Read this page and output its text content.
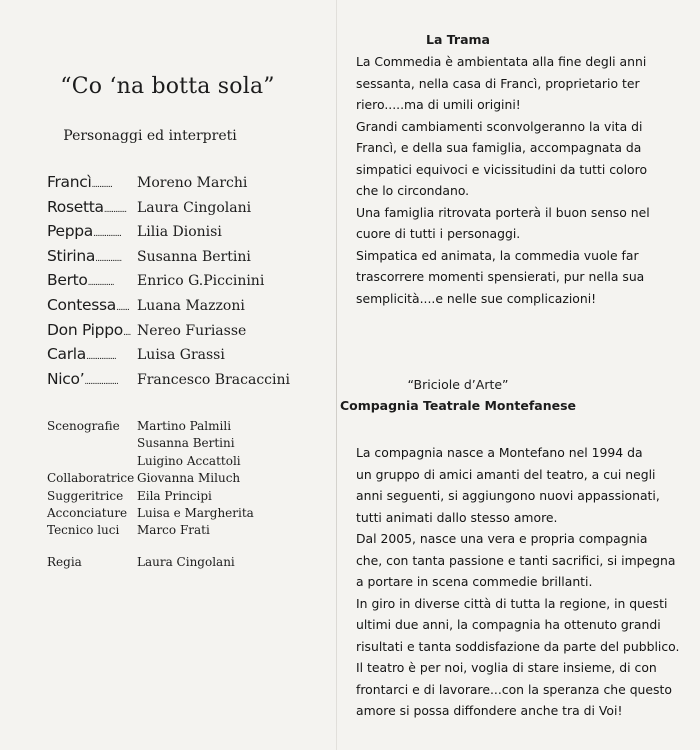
“Co ‘na botta sola”
Personaggi ed interpreti
Francì...........	Moreno Marchi
Rosetta............ Laura Cingolani
Peppa...............	Lilia Dionisi
Stirina..............	Susanna Bertini
Berto..............	Enrico G.Piccinini
Contessa....... Luana Mazzoni
Don Pippo.... Nereo Furiasse
Carla................	Luisa Grassi
Nico’..................	Francesco Bracaccini
Scenografie	Martino Palmili
Susanna Bertini
Luigino Accattoli
Collaboratrice Giovanna Miluch
Suggeritrice	Eila Principi
Acconciature Luisa e Margherita
Tecnico luci	Marco Frati
Regia	Laura Cingolani
La Trama

La Commedia è ambientata alla fine degli anni

sessanta, nella casa di Francì, proprietario ter

riero.....ma di umili origini!

Grandi cambiamenti sconvolgeranno la vita di

Francì, e della sua famiglia, accompagnata da

simpatici equivoci e vicissitudini da tutti coloro

che lo circondano.

Una famiglia ritrovata porterà il buon senso nel

cuore di tutti i personaggi.

Simpatica ed animata, la commedia vuole far

trascorrere momenti spensierati, pur nella sua

semplicità....e nelle sue complicazioni!

“Briciole d’Arte”
Compagnia Teatrale Montefanese

La compagnia nasce a Montefano nel 1994 da

un gruppo di amici amanti del teatro, a cui negli

anni seguenti, si aggiungono nuovi appassionati,

tutti animati dallo stesso amore.

Dal 2005, nasce una vera e propria compagnia

che, con tanta passione e tanti sacrifici, si impegna

a portare in scena commedie brillanti.

In giro in diverse città di tutta la regione, in questi

ultimi due anni, la compagnia ha ottenuto grandi

risultati e tanta soddisfazione da parte del pubblico.

Il teatro è per noi, voglia di stare insieme, di con

frontarci e di lavorare...con la speranza che questo

amore si possa diffondere anche tra di Voi!
